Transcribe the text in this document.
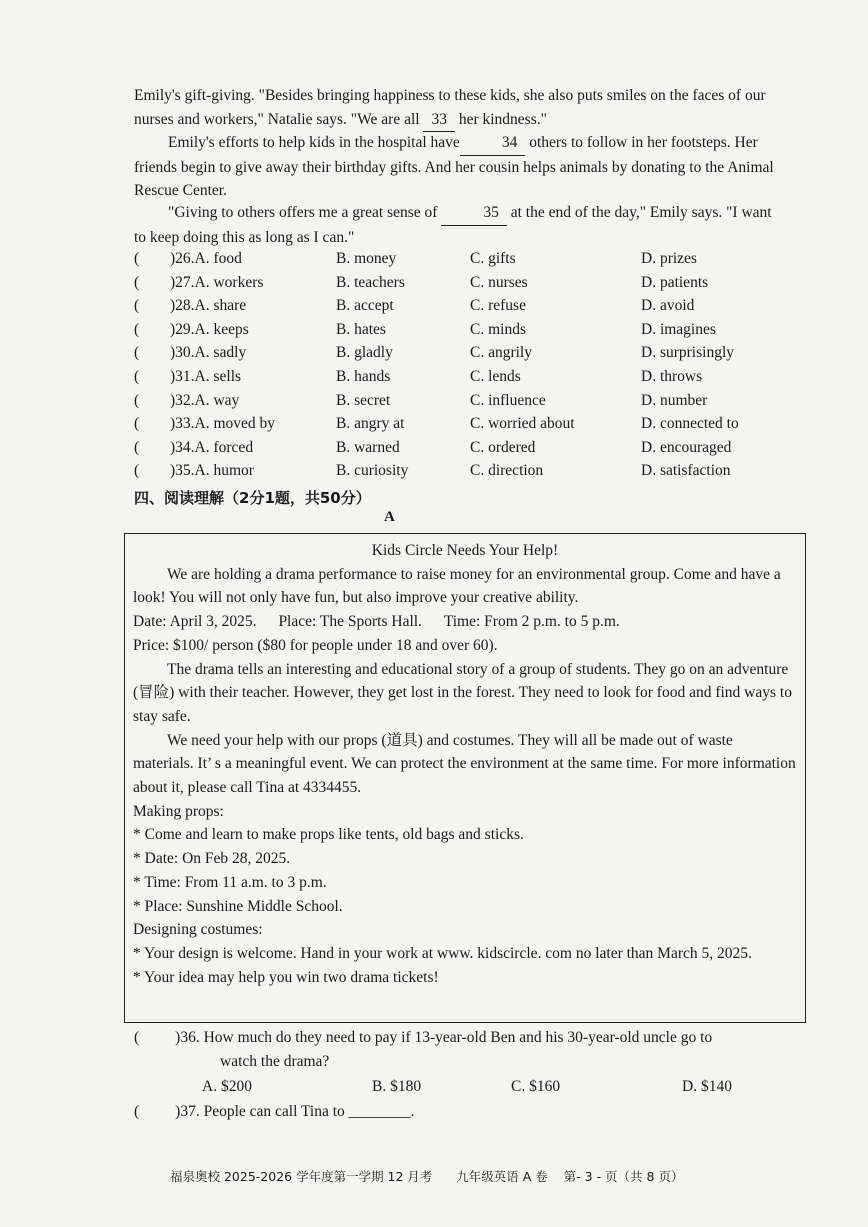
Emily's gift-giving. "Besides bringing happiness to these kids, she also puts smiles on the faces of our nurses and workers," Natalie says. "We are all 33 her kindness."
Emily's efforts to help kids in the hospital have	34 others to follow in her footsteps. Her friends begin to give away their birthday gifts. And her cousin helps animals by donating to the Animal Rescue Center.
"Giving to others offers me a great sense of	35 at the end of the day," Emily says. "I want to keep doing this as long as I can."
( )26.A. food	B. money	C. gifts	D. prizes
( )27.A. workers	B. teachers	C. nurses	D. patients
( )28.A. share	B. accept	C. refuse	D. avoid
( )29.A. keeps	B. hates	C. minds	D. imagines
( )30.A. sadly	B. gladly	C. angrily	D. surprisingly
( )31.A. sells	B. hands	C. lends	D. throws
( )32.A. way	B. secret	C. influence	D. number
( )33.A. moved by	B. angry at	C. worried about	D. connected to
( )34.A. forced	B. warned	C. ordered	D. encouraged
( )35.A. humor	B. curiosity	C. direction	D. satisfaction
四、阅读理解（2分1题，共50分）
A
Kids Circle Needs Your Help!
We are holding a drama performance to raise money for an environmental group. Come and have a look! You will not only have fun, but also improve your creative ability.
Date: April 3, 2025. Place: The Sports Hall. Time: From 2 p.m. to 5 p.m.
Price: $100/ person ($80 for people under 18 and over 60).
The drama tells an interesting and educational story of a group of students. They go on an adventure (冒险) with their teacher. However, they get lost in the forest. They need to look for food and find ways to stay safe.
We need your help with our props (道具) and costumes. They will all be made out of waste materials. It’ s a meaningful event. We can protect the environment at the same time. For more information about it, please call Tina at 4334455.
Making props:
* Come and learn to make props like tents, old bags and sticks.
* Date: On Feb 28, 2025.
* Time: From 11 a.m. to 3 p.m.
* Place: Sunshine Middle School.
Designing costumes:
* Your design is welcome. Hand in your work at www. kidscircle. com no later than March 5, 2025.
* Your idea may help you win two drama tickets!
( )36. How much do they need to pay if 13-year-old Ben and his 30-year-old uncle go to
watch the drama?
A. $200	B. $180	C. $160	D. $140
( )37. People can call Tina to ________.
福泉奥校 2025-2026 学年度第一学期 12 月考      九年级英语 A 卷    第- 3 - 页（共 8 页）
